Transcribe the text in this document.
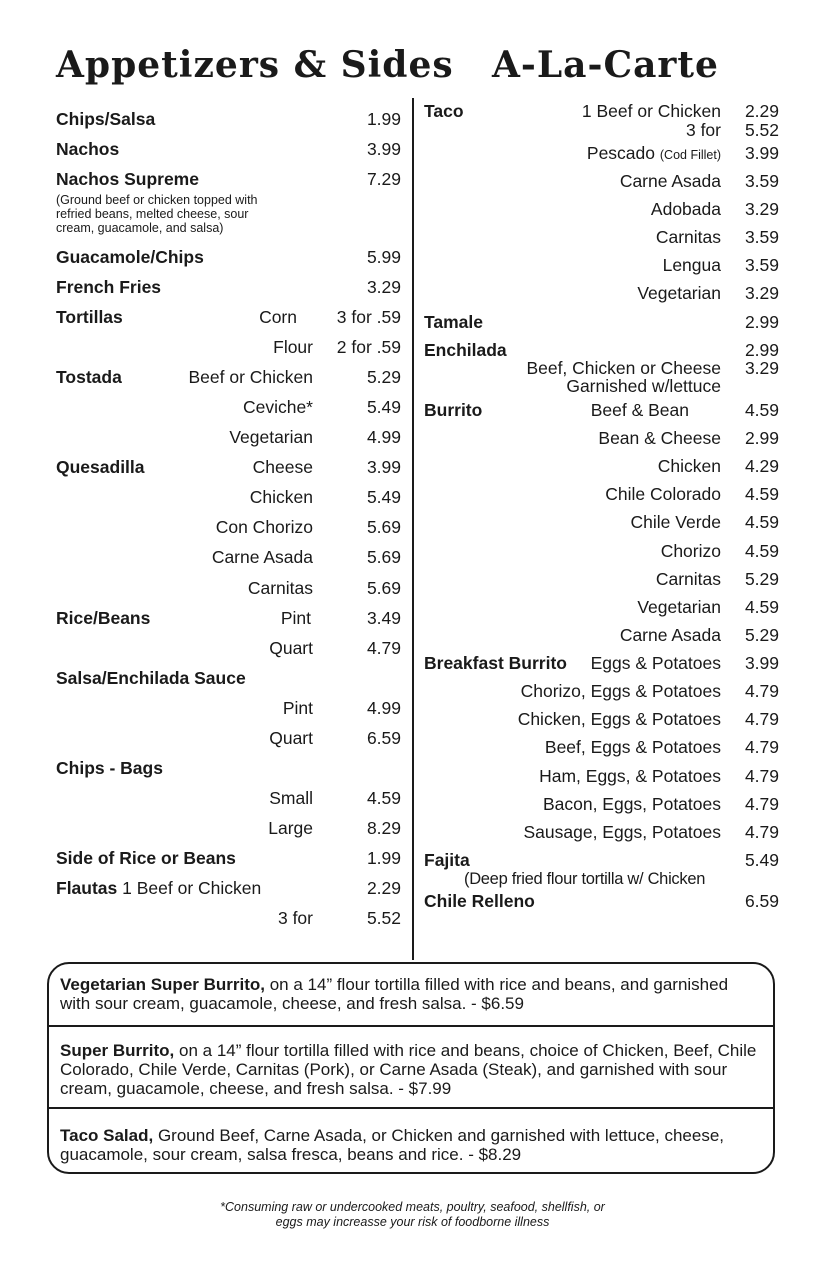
Appetizers & Sides A-La-Carte
Chips/Salsa	1.99
Nachos	3.99
Nachos Supreme	7.29
(Ground beef or chicken topped with
refried beans, melted cheese, sour
cream, guacamole, and salsa)
Guacamole/Chips	5.99
French Fries	3.29
Tortillas	Corn 3 for .59
Flour 2 for .59
Tostada	Beef or Chicken	5.29
Ceviche*	5.49
Vegetarian	4.99
Quesadilla	Cheese	3.99
Chicken	5.49
Con Chorizo	5.69
Carne Asada	5.69
Carnitas	5.69
Rice/Beans	Pint	3.49
Quart	4.79
Salsa/Enchilada Sauce
Pint	4.99
Quart	6.59
Chips - Bags
Small	4.59
Large	8.29
Side of Rice or Beans	1.99
Flautas 1 Beef or Chicken	2.29
3 for	5.52
Taco	1 Beef or Chicken 2.29
3 for 5.52
Pescado (Cod Fillet) 3.99
Carne Asada 3.59
Adobada 3.29
Carnitas 3.59
Lengua 3.59
Vegetarian 3.29
Tamale	2.99
Enchilada	2.99
Beef, Chicken or Cheese 3.29
Garnished w/lettuce
Burrito	Beef & Bean	4.59
Bean & Cheese 2.99
Chicken 4.29
Chile Colorado 4.59
Chile Verde 4.59
Chorizo 4.59
Carnitas 5.29
Vegetarian 4.59
Carne Asada 5.29
Breakfast Burrito Eggs & Potatoes 3.99
Chorizo, Eggs & Potatoes 4.79
Chicken, Eggs & Potatoes 4.79
Beef, Eggs & Potatoes 4.79
Ham, Eggs, & Potatoes 4.79
Bacon, Eggs, Potatoes 4.79
Sausage, Eggs, Potatoes 4.79
Fajita	5.49
(Deep fried flour tortilla w/ Chicken
Chile Relleno	6.59
Vegetarian Super Burrito, on a 14” flour tortilla filled with rice and beans, and garnished with sour cream, guacamole, cheese, and fresh salsa. - $6.59
Super Burrito, on a 14” flour tortilla filled with rice and beans, choice of Chicken, Beef, Chile Colorado, Chile Verde, Carnitas (Pork), or Carne Asada (Steak), and garnished with sour cream, guacamole, cheese, and fresh salsa. - $7.99
Taco Salad, Ground Beef, Carne Asada, or Chicken and garnished with lettuce, cheese, guacamole, sour cream, salsa fresca, beans and rice. - $8.29
*Consuming raw or undercooked meats, poultry, seafood, shellfish, or
eggs may increasse your risk of foodborne illness
